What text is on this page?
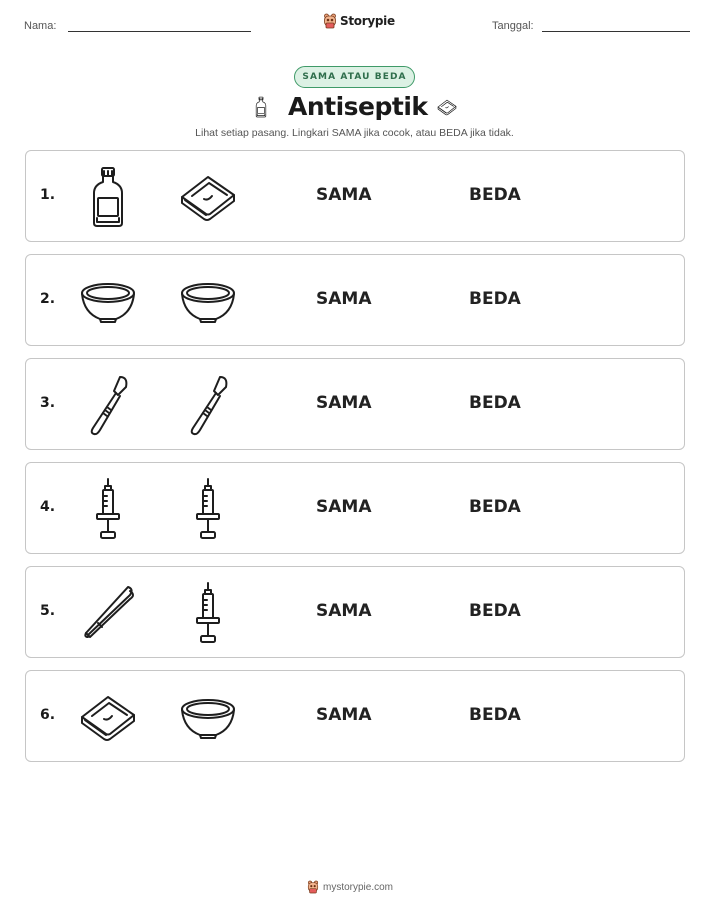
Nama:	Storypie	Tanggal:
SAMA ATAU BEDA
Antiseptik
Lihat setiap pasang. Lingkari SAMA jika cocok, atau BEDA jika tidak.
1.	SAMA	BEDA
2.	SAMA	BEDA
3.	SAMA	BEDA
4.	SAMA	BEDA
5.	SAMA	BEDA
6.	SAMA	BEDA
mystorypie.com
